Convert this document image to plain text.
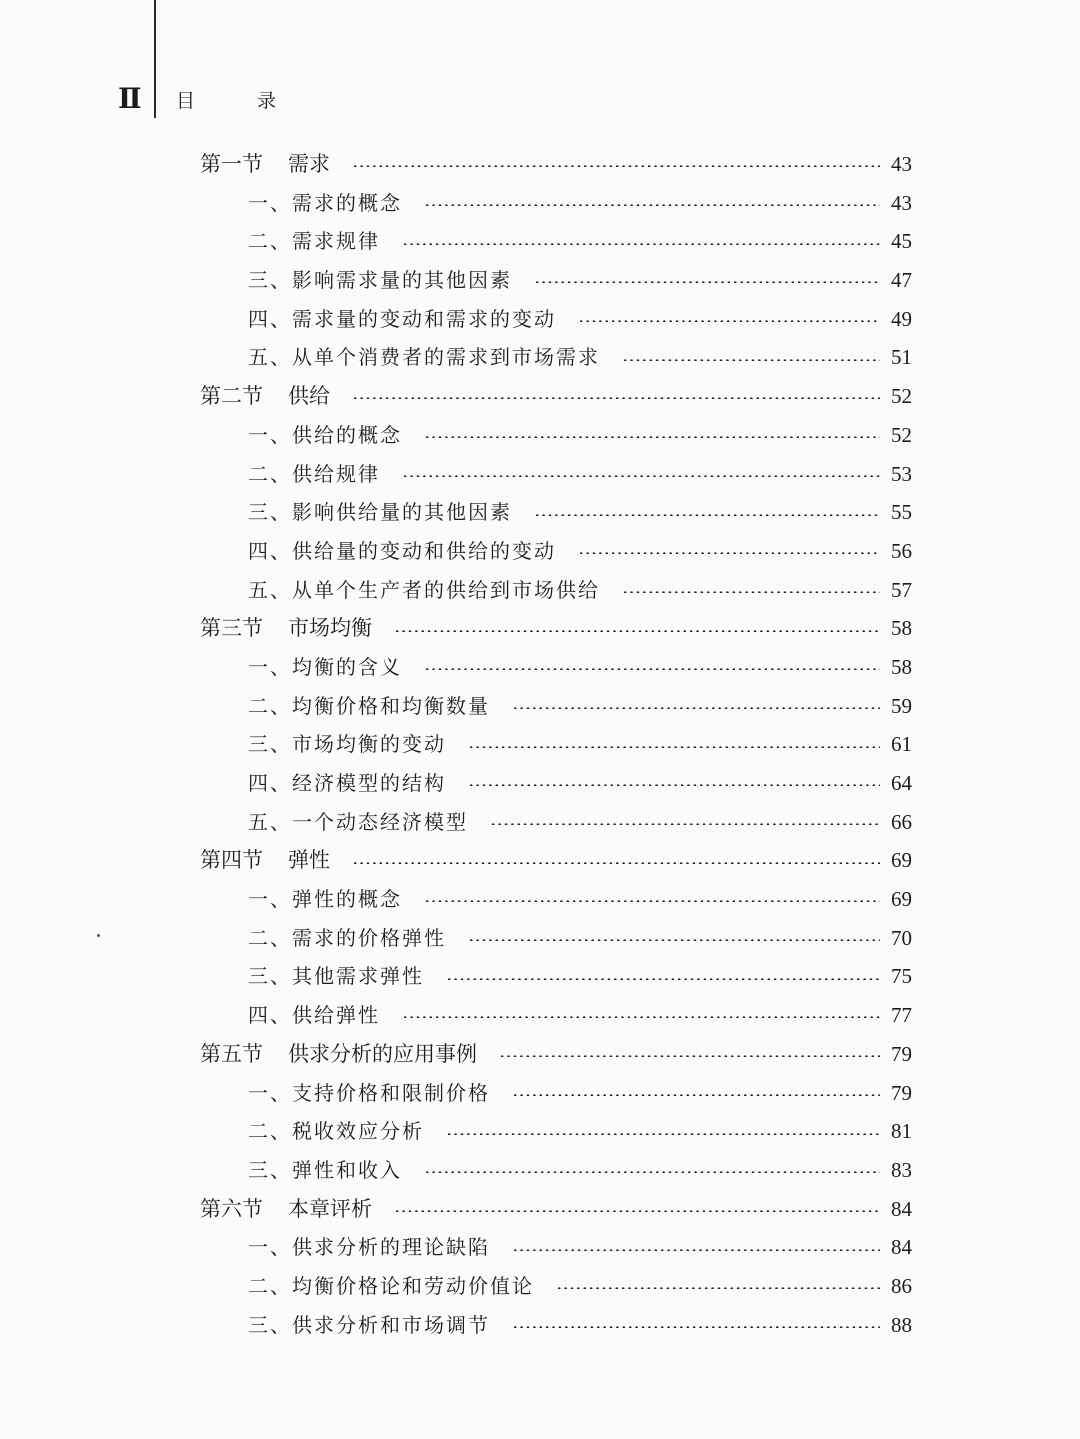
Ⅱ 目 录
第一节	需求	43
一、需求的概念	43
二、需求规律	45
三、影响需求量的其他因素	47
四、需求量的变动和需求的变动	49
五、从单个消费者的需求到市场需求	51
第二节	供给	52
一、供给的概念	52
二、供给规律	53
三、影响供给量的其他因素	55
四、供给量的变动和供给的变动	56
五、从单个生产者的供给到市场供给	57
第三节	市场均衡	58
一、均衡的含义	58
二、均衡价格和均衡数量	59
三、市场均衡的变动	61
四、经济模型的结构	64
五、一个动态经济模型	66
第四节	弹性	69
一、弹性的概念	69
二、需求的价格弹性	70
三、其他需求弹性	75
四、供给弹性	77
第五节	供求分析的应用事例	79
一、支持价格和限制价格	79
二、税收效应分析	81
三、弹性和收入	83
第六节	本章评析	84
一、供求分析的理论缺陷	84
二、均衡价格论和劳动价值论	86
三、供求分析和市场调节	88
